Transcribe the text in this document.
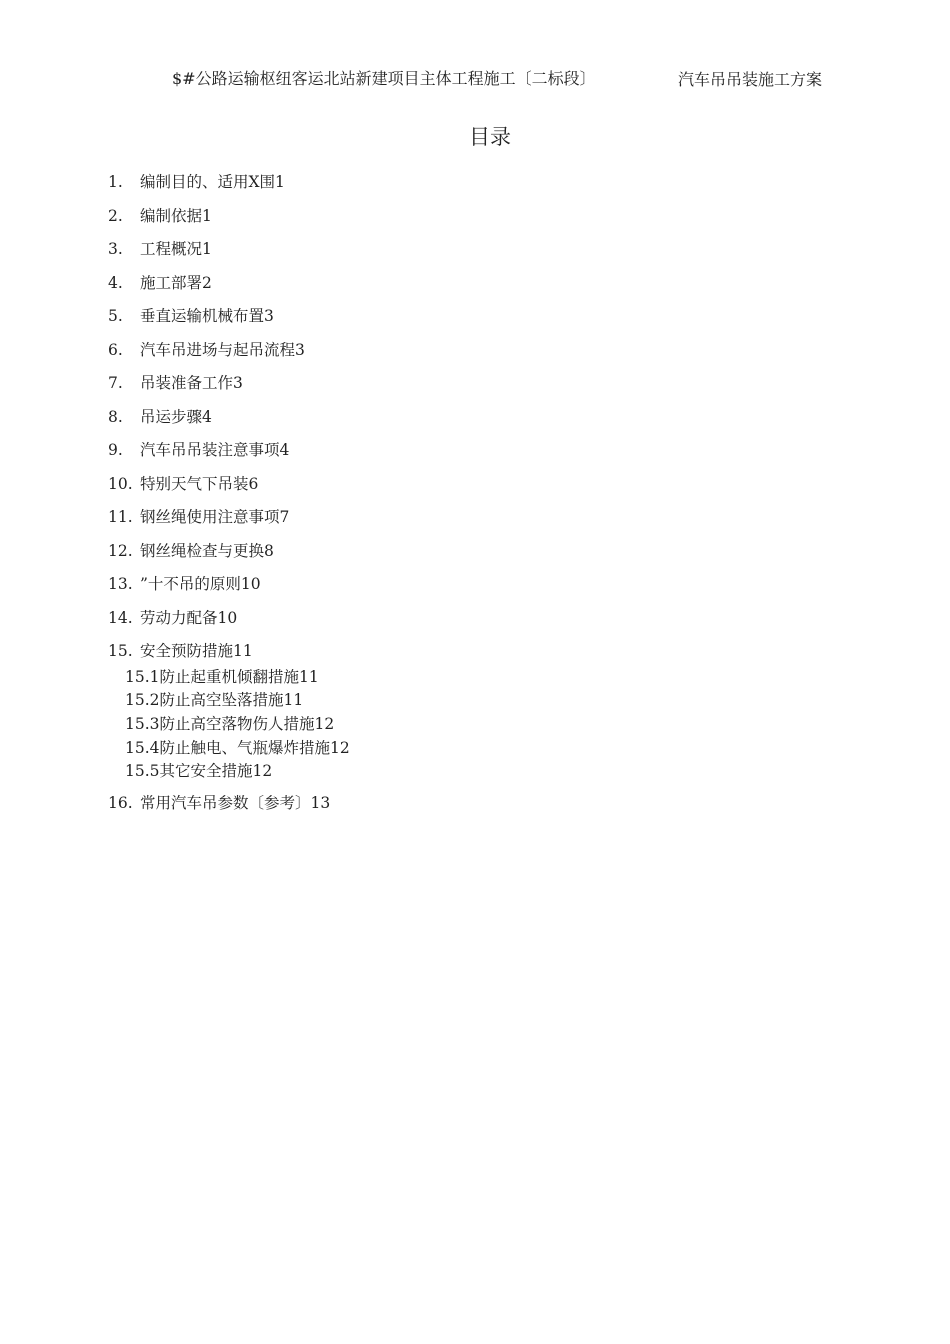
$#公路运输枢纽客运北站新建项目主体工程施工〔二标段〕	汽车吊吊装施工方案
目录
1.	编制目的、适用X围1
2.	编制依据1
3.	工程概况1
4.	施工部署2
5.	垂直运输机械布置3
6.	汽车吊进场与起吊流程3
7.	吊装准备工作3
8.	吊运步骤4
9.	汽车吊吊装注意事项4
10. 特别天气下吊装6
11. 钢丝绳使用注意事项7
12. 钢丝绳检查与更换8
13. ”十不吊的原则10
14. 劳动力配备10
15. 安全预防措施11
15.1防止起重机倾翻措施11
15.2防止高空坠落措施11
15.3防止高空落物伤人措施12
15.4防止触电、气瓶爆炸措施12
15.5其它安全措施12
16. 常用汽车吊参数〔参考〕13
